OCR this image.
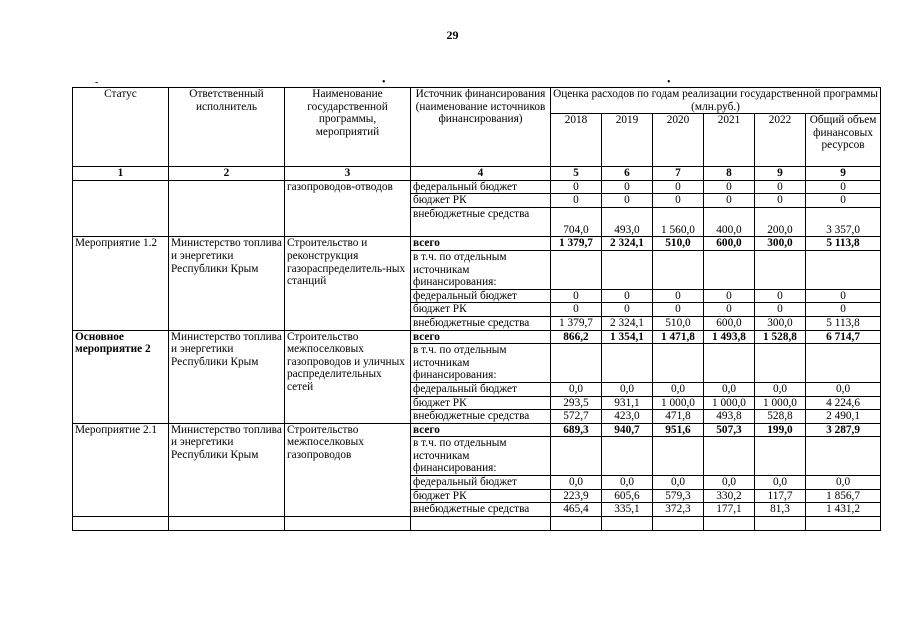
29
-	•	•
Статус	Ответственный исполнитель	Наименование государственной программы, мероприятий	Источник финансирования (наименование источников финансирования)	Оценка расходов по годам реализации государственной программы (млн.руб.)					
				2018	2019	2020	2021	2022	Общий объем финансовых ресурсов
1	2	3	4	5	6	7	8	9	9
		газопроводов-отводов	федеральный бюджет	0	0	0	0	0	0
			бюджет РК	0	0	0	0	0	0
			внебюджетные средства	704,0	493,0	1 560,0	400,0	200,0	3 357,0
Мероприятие 1.2	Министерство топлива и энергетики Республики Крым	Строительство и реконструкция газораспределитель-ных станций	всего	1 379,7	2 324,1	510,0	600,0	300,0	5 113,8
			в т.ч. по отдельным источникам финансирования:						
			федеральный бюджет	0	0	0	0	0	0
			бюджет РК	0	0	0	0	0	0
			внебюджетные средства	1 379,7	2 324,1	510,0	600,0	300,0	5 113,8
Основное мероприятие 2	Министерство топлива и энергетики Республики Крым	Строительство межпоселковых газопроводов и уличных распределительных сетей	всего	866,2	1 354,1	1 471,8	1 493,8	1 528,8	6 714,7
			в т.ч. по отдельным источникам финансирования:						
			федеральный бюджет	0,0	0,0	0,0	0,0	0,0	0,0
			бюджет РК	293,5	931,1	1 000,0	1 000,0	1 000,0	4 224,6
			внебюджетные средства	572,7	423,0	471,8	493,8	528,8	2 490,1
Мероприятие 2.1	Министерство топлива и энергетики Республики Крым	Строительство межпоселковых газопроводов	всего	689,3	940,7	951,6	507,3	199,0	3 287,9
			в т.ч. по отдельным источникам финансирования:						
			федеральный бюджет	0,0	0,0	0,0	0,0	0,0	0,0
			бюджет РК	223,9	605,6	579,3	330,2	117,7	1 856,7
			внебюджетные средства	465,4	335,1	372,3	177,1	81,3	1 431,2
